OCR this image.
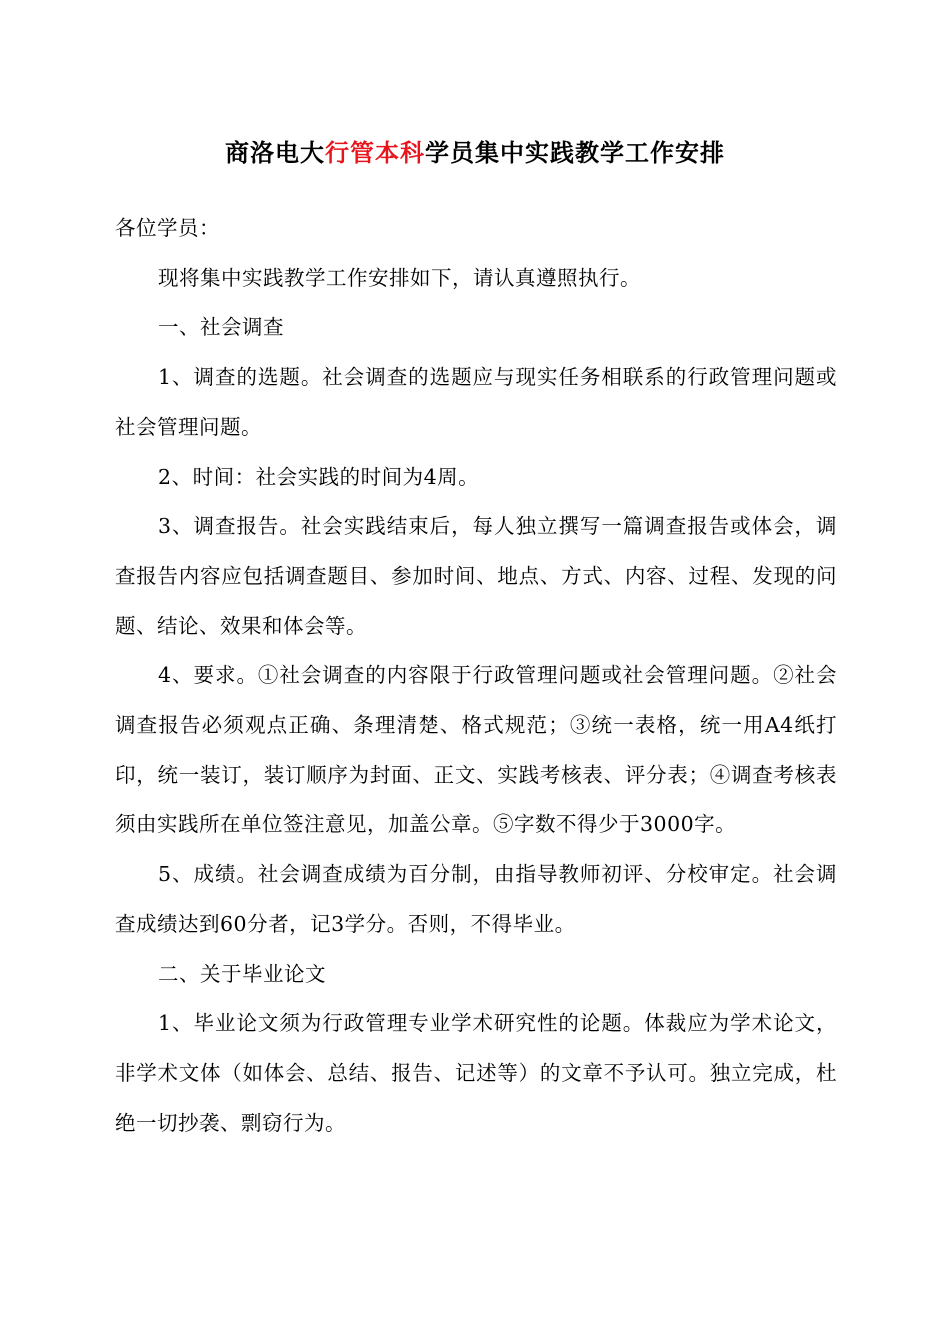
商洛电大行管本科学员集中实践教学工作安排

各位学员：

现将集中实践教学工作安排如下，请认真遵照执行。

一、社会调查

1、调查的选题。社会调查的选题应与现实任务相联系的行政管理问题或社会管理问题。

2、时间：社会实践的时间为4周。

3、调查报告。社会实践结束后，每人独立撰写一篇调查报告或体会，调查报告内容应包括调查题目、参加时间、地点、方式、内容、过程、发现的问题、结论、效果和体会等。

4、要求。①社会调查的内容限于行政管理问题或社会管理问题。②社会调查报告必须观点正确、条理清楚、格式规范；③统一表格，统一用A4纸打印，统一装订，装订顺序为封面、正文、实践考核表、评分表；④调查考核表须由实践所在单位签注意见，加盖公章。⑤字数不得少于3000字。

5、成绩。社会调查成绩为百分制，由指导教师初评、分校审定。社会调查成绩达到60分者，记3学分。否则，不得毕业。

二、关于毕业论文

1、毕业论文须为行政管理专业学术研究性的论题。体裁应为学术论文，非学术文体（如体会、总结、报告、记述等）的文章不予认可。独立完成，杜绝一切抄袭、剽窃行为。
